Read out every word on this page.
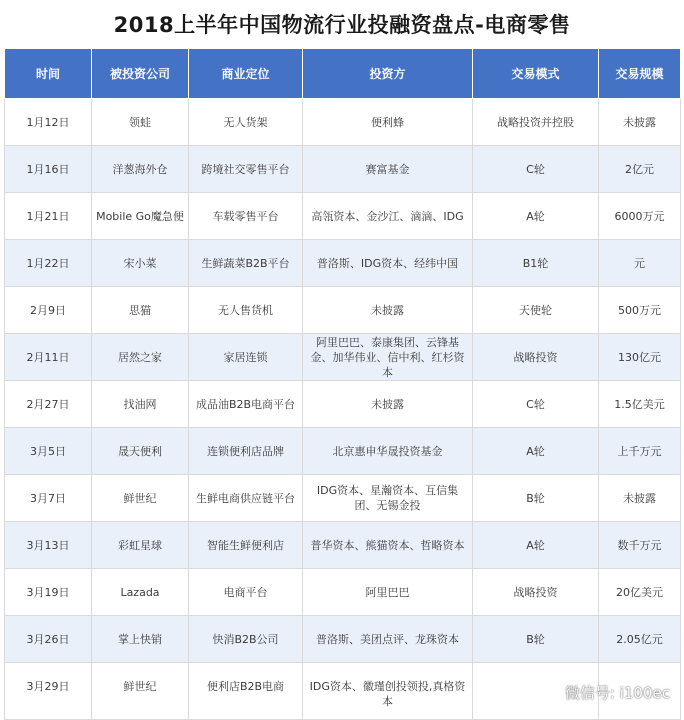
2018上半年中国物流行业投融资盘点-电商零售
时间	被投资公司	商业定位	投资方	交易模式	交易规模
1月12日	领蛙	无人货架	便利蜂	战略投资并控股	未披露
1月16日	洋葱海外仓	跨境社交零售平台	赛富基金	C轮	2亿元
1月21日	Mobile Go魔急便	车载零售平台	高瓴资本、金沙江、滴滴、IDG	A轮	6000万元
1月22日	宋小菜	生鲜蔬菜B2B平台	普洛斯、IDG资本、经纬中国	B1轮	元
2月9日	思猫	无人售货机	未披露	天使轮	500万元
2月11日	居然之家	家居连锁	阿里巴巴、泰康集团、云锋基金、加华伟业、信中利、红杉资本	战略投资	130亿元
2月27日	找油网	成品油B2B电商平台	未披露	C轮	1.5亿美元
3月5日	晟天便利	连锁便利店品牌	北京惠申华晟投资基金	A轮	上千万元
3月7日	鲜世纪	生鲜电商供应链平台	IDG资本、星瀚资本、互信集团、无锡金投	B轮	未披露
3月13日	彩虹星球	智能生鲜便利店	普华资本、熊猫资本、哲略资本	A轮	数千万元
3月19日	Lazada	电商平台	阿里巴巴	战略投资	20亿美元
3月26日	掌上快销	快消B2B公司	普洛斯、美团点评、龙珠资本	B轮	2.05亿元
3月29日	鲜世纪	便利店B2B电商	IDG资本、徽瑾创投领投,真格资本			微信号: i100ec
